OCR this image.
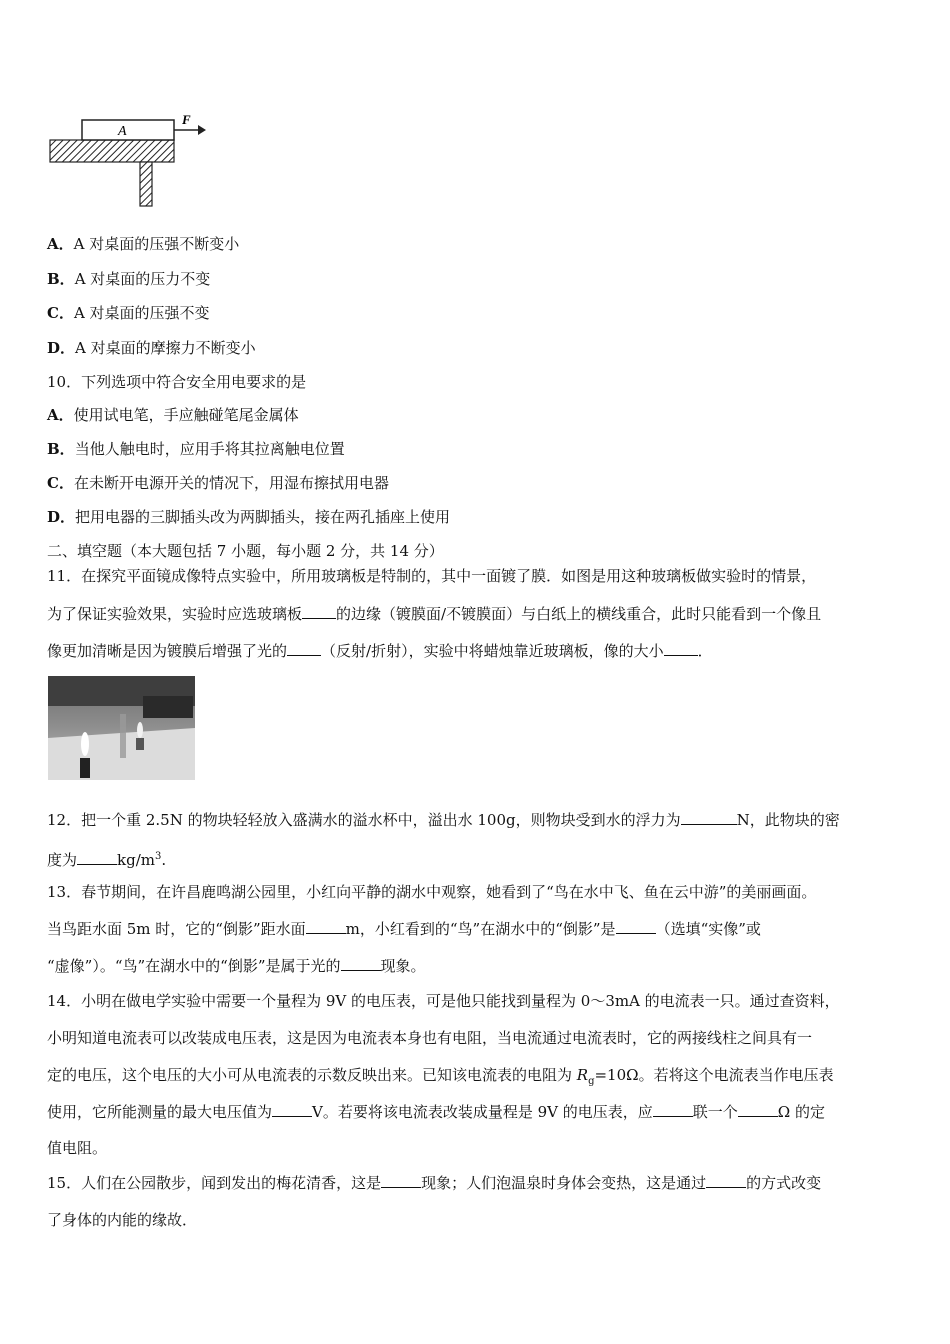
A
F
A．A 对桌面的压强不断变小
B．A 对桌面的压力不变
C．A 对桌面的压强不变
D．A 对桌面的摩擦力不断变小
10．下列选项中符合安全用电要求的是
A．使用试电笔，手应触碰笔尾金属体
B．当他人触电时，应用手将其拉离触电位置
C．在未断开电源开关的情况下，用湿布擦拭用电器
D．把用电器的三脚插头改为两脚插头，接在两孔插座上使用
二、填空题（本大题包括 7 小题，每小题 2 分，共 14 分）
11．在探究平面镜成像特点实验中，所用玻璃板是特制的，其中一面镀了膜．如图是用这种玻璃板做实验时的情景，
为了保证实验效果，实验时应选玻璃板 的边缘（镀膜面/不镀膜面）与白纸上的横线重合，此时只能看到一个像且
像更加清晰是因为镀膜后增强了光的 （反射/折射），实验中将蜡烛靠近玻璃板，像的大小 ．
12．把一个重 2.5N 的物块轻轻放入盛满水的溢水杯中，溢出水 100g，则物块受到水的浮力为	N，此物块的密
度为	$kg/m^3$.
13．春节期间，在许昌鹿鸣湖公园里，小红向平静的湖水中观察，她看到了“鸟在水中飞、鱼在云中游”的美丽画面。
当鸟距水面 5m 时，它的“倒影”距水面	m，小红看到的“鸟”在湖水中的“倒影”是	（选填“实像”或
“虚像”）。“鸟”在湖水中的“倒影”是属于光的	现象。
14．小明在做电学实验中需要一个量程为 9V 的电压表，可是他只能找到量程为 0～3mA 的电流表一只。通过查资料，
小明知道电流表可以改装成电压表，这是因为电流表本身也有电阻，当电流通过电流表时，它的两接线柱之间具有一
定的电压，这个电压的大小可从电流表的示数反映出来。已知该电流表的电阻为 $R_g=10\Omega$。若将这个电流表当作电压表
使用，它所能测量的最大电压值为	V。若要将该电流表改装成量程是 9V 的电压表，应	联一个	Ω 的定
值电阻。
15．人们在公园散步，闻到发出的梅花清香，这是	现象；人们泡温泉时身体会变热，这是通过	的方式改变
了身体的内能的缘故．
